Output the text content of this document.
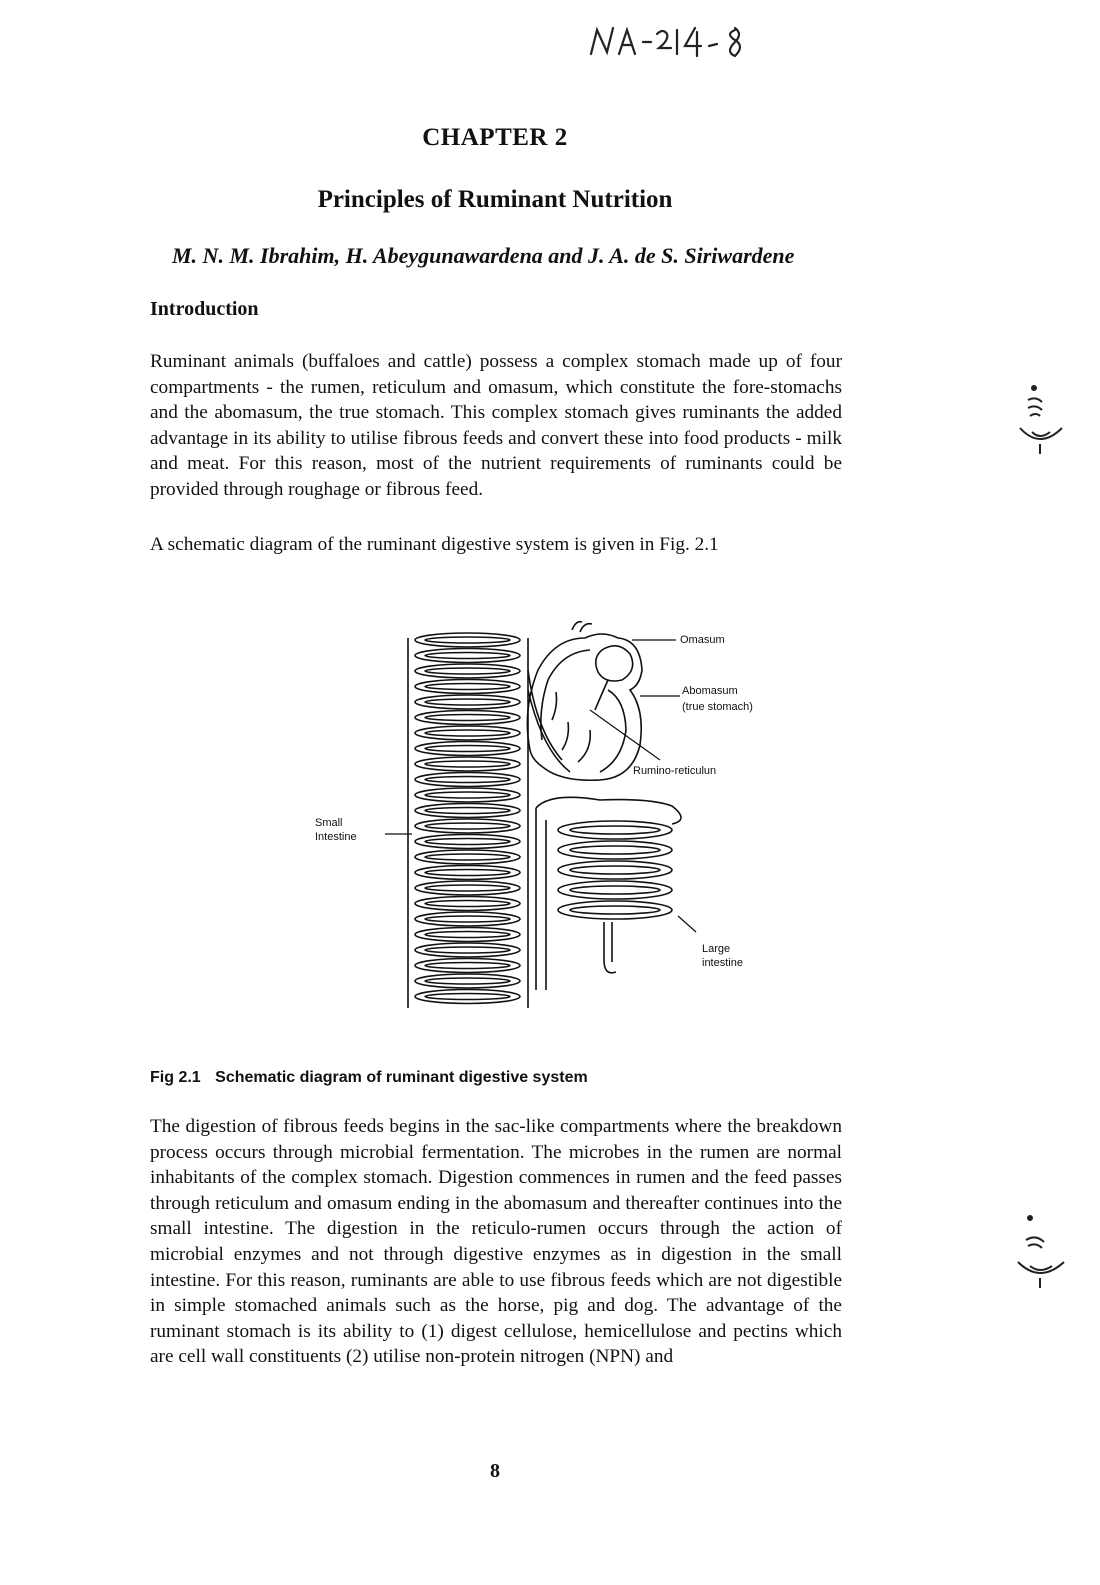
CHAPTER 2
Principles of Ruminant Nutrition
M. N. M. Ibrahim, H. Abeygunawardena and J. A. de S. Siriwardene
Introduction

Ruminant animals (buffaloes and cattle) possess a complex stomach made up of four compartments - the rumen, reticulum and omasum, which constitute the fore-stomachs and the abomasum, the true stomach. This complex stomach gives ruminants the added advantage in its ability to utilise fibrous feeds and convert these into food products - milk and meat. For this reason, most of the nutrient requirements of ruminants could be provided through roughage or fibrous feed.

A schematic diagram of the ruminant digestive system is given in Fig. 2.1

Omasum
Abomasum
(true stomach)
Rumino-reticulun
Small
Intestine
Large
intestine
Fig 2.1 Schematic diagram of ruminant digestive system

The digestion of fibrous feeds begins in the sac-like compartments where the breakdown process occurs through microbial fermentation. The microbes in the rumen are normal inhabitants of the complex stomach. Digestion commences in rumen and the feed passes through reticulum and omasum ending in the abomasum and thereafter continues into the small intestine. The digestion in the reticulo-rumen occurs through the action of microbial enzymes and not through digestive enzymes as in digestion in the small intestine. For this reason, ruminants are able to use fibrous feeds which are not digestible in simple stomached animals such as the horse, pig and dog. The advantage of the ruminant stomach is its ability to (1) digest cellulose, hemicellulose and pectins which are cell wall constituents (2) utilise non-protein nitrogen (NPN) and

8
